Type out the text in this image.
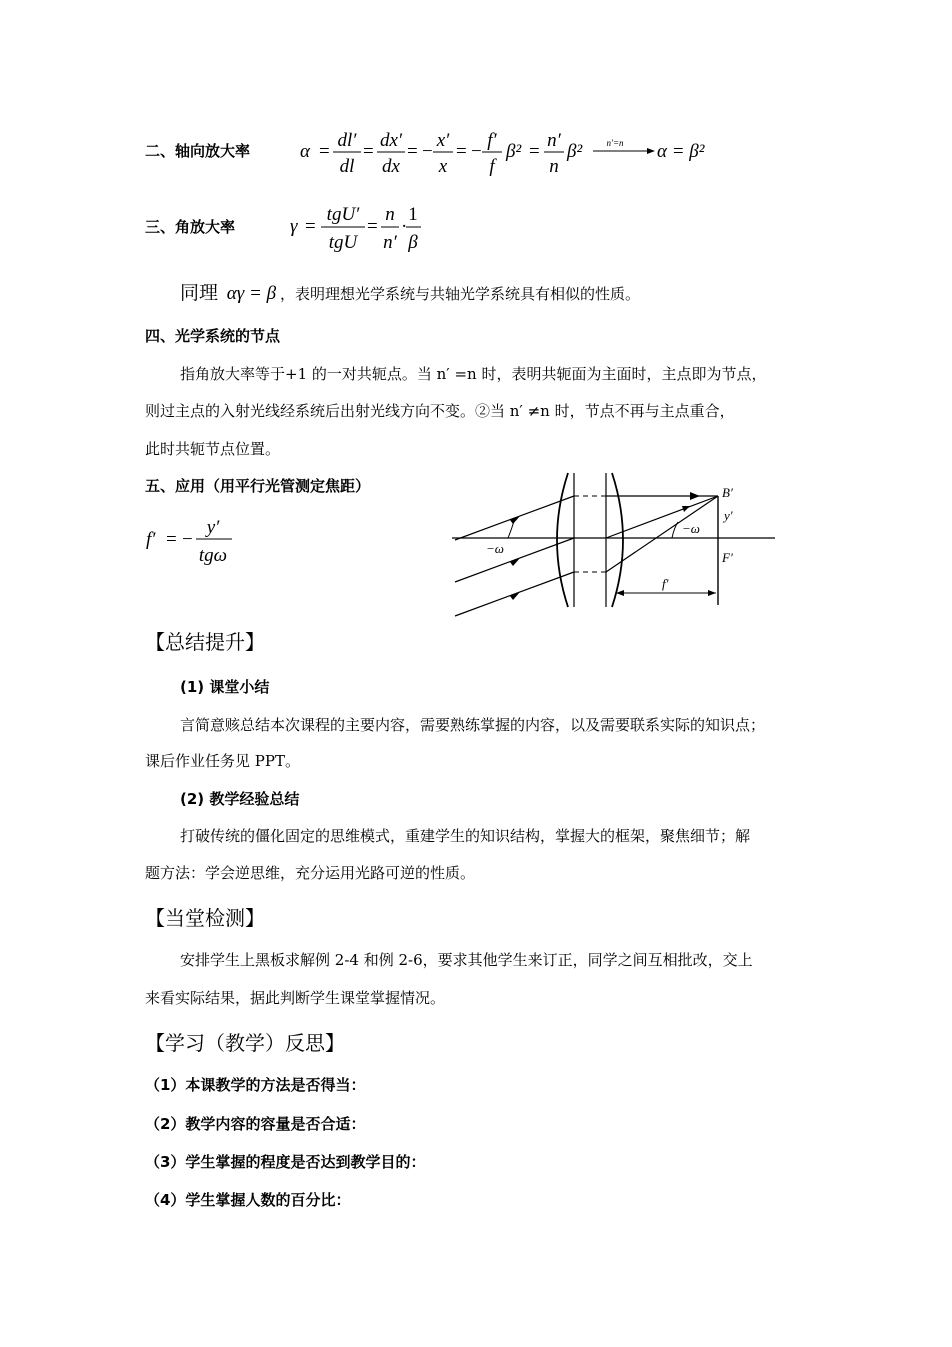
二、轴向放大率	α =
dl′
dl
=
dx′
dx
= −
x′
x
= −
f′
f
β² =
n′
n
β²	n′=n α = β²
三、角放大率	γ =
tgU′
tgU
=
n
n′
·
1
β
同理 αγ = β ，表明理想光学系统与共轴光学系统具有相似的性质。
四、光学系统的节点
指角放大率等于+1 的一对共轭点。当 n′ =n 时，表明共轭面为主面时，主点即为节点，
则过主点的入射光线经系统后出射光线方向不变。②当 n′ ≠n 时，节点不再与主点重合，
此时共轭节点位置。
五、应用（用平行光管测定焦距）
f′ = −
y′
tgω
B′
y′
−ω
−ω
F′
f′
【总结提升】
(1) 课堂小结
言简意赅总结本次课程的主要内容，需要熟练掌握的内容，以及需要联系实际的知识点；
课后作业任务见 PPT。
(2) 教学经验总结
打破传统的僵化固定的思维模式，重建学生的知识结构，掌握大的框架，聚焦细节；解
题方法：学会逆思维，充分运用光路可逆的性质。
【当堂检测】
安排学生上黑板求解例 2-4 和例 2-6，要求其他学生来订正，同学之间互相批改，交上
来看实际结果，据此判断学生课堂掌握情况。
【学习（教学）反思】
（1）本课教学的方法是否得当：
（2）教学内容的容量是否合适：
（3）学生掌握的程度是否达到教学目的：
（4）学生掌握人数的百分比：
